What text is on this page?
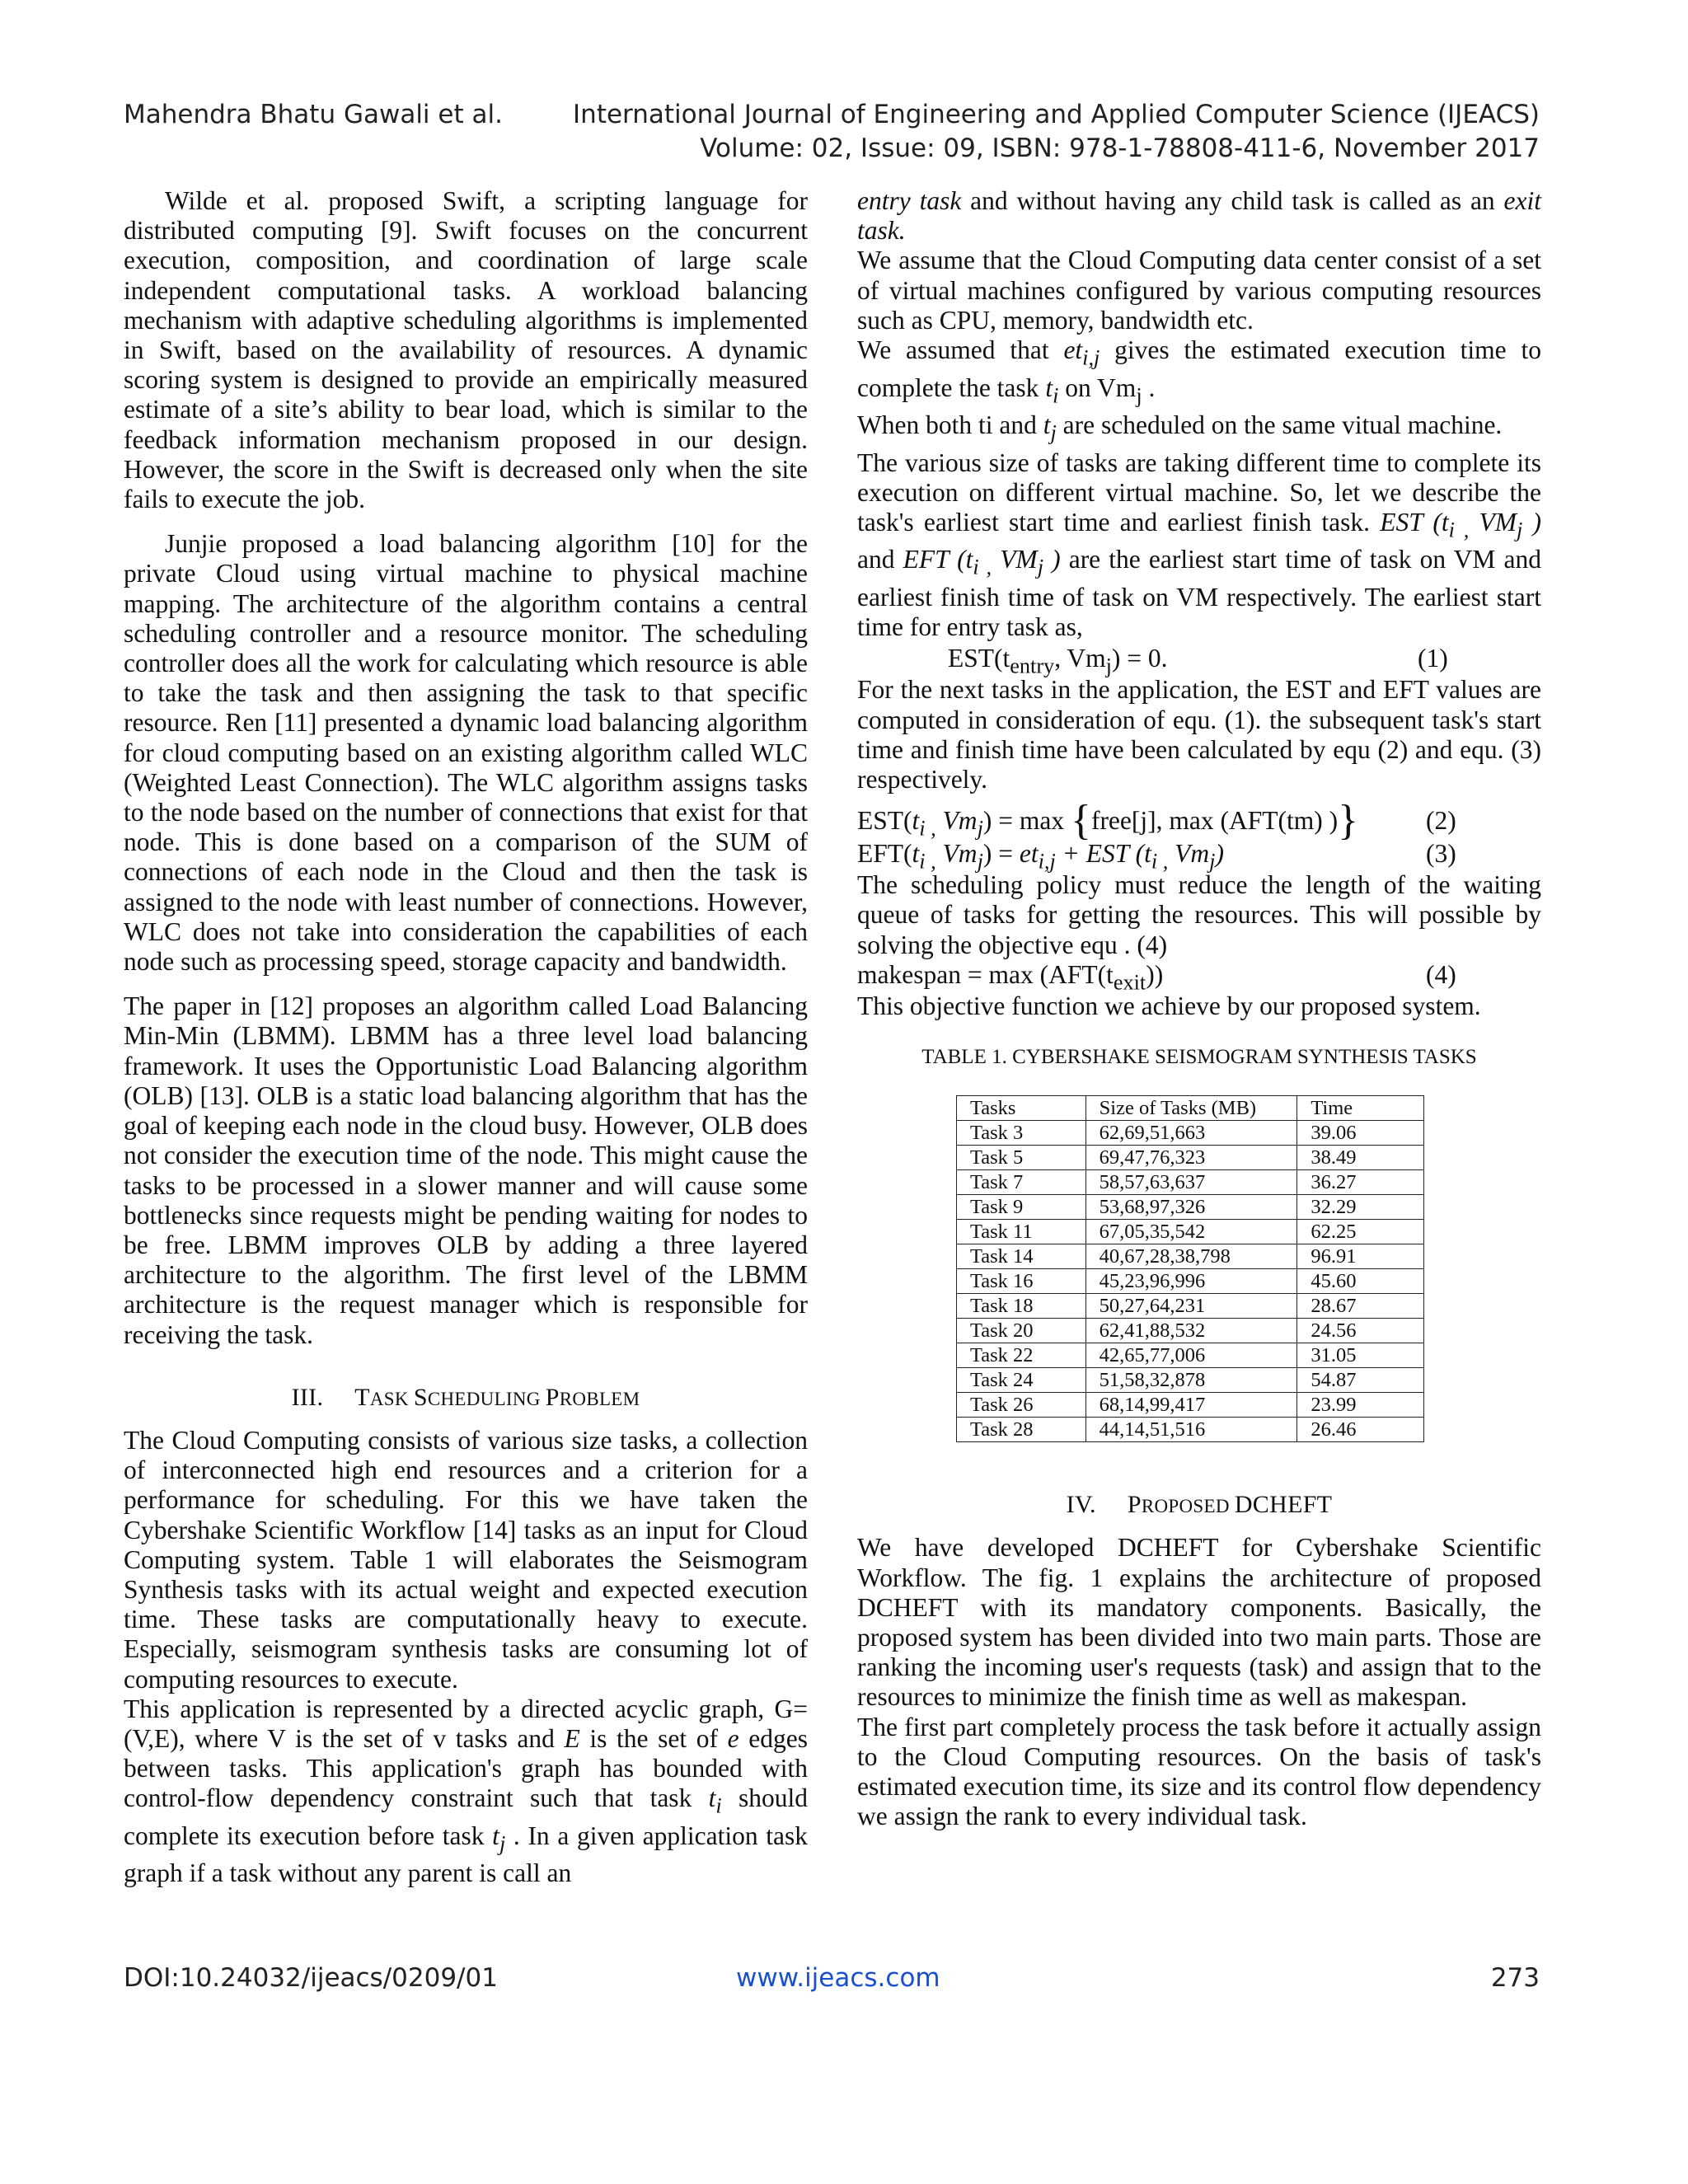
Mahendra Bhatu Gawali et al.	International Journal of Engineering and Applied Computer Science (IJEACS)
Volume: 02, Issue: 09, ISBN: 978-1-78808-411-6, November 2017

Wilde et al. proposed Swift, a scripting language for distributed computing [9]. Swift focuses on the concurrent execution, composition, and coordination of large scale independent computational tasks. A workload balancing mechanism with adaptive scheduling algorithms is implemented in Swift, based on the availability of resources. A dynamic scoring system is designed to provide an empirically measured estimate of a site’s ability to bear load, which is similar to the feedback information mechanism proposed in our design. However, the score in the Swift is decreased only when the site fails to execute the job.

Junjie proposed a load balancing algorithm [10] for the private Cloud using virtual machine to physical machine mapping. The architecture of the algorithm contains a central scheduling controller and a resource monitor. The scheduling controller does all the work for calculating which resource is able to take the task and then assigning the task to that specific resource. Ren [11] presented a dynamic load balancing algorithm for cloud computing based on an existing algorithm called WLC (Weighted Least Connection). The WLC algorithm assigns tasks to the node based on the number of connections that exist for that node. This is done based on a comparison of the SUM of connections of each node in the Cloud and then the task is assigned to the node with least number of connections. However, WLC does not take into consideration the capabilities of each node such as processing speed, storage capacity and bandwidth.

The paper in [12] proposes an algorithm called Load Balancing Min-Min (LBMM). LBMM has a three level load balancing framework. It uses the Opportunistic Load Balancing algorithm (OLB) [13]. OLB is a static load balancing algorithm that has the goal of keeping each node in the cloud busy. However, OLB does not consider the execution time of the node. This might cause the tasks to be processed in a slower manner and will cause some bottlenecks since requests might be pending waiting for nodes to be free. LBMM improves OLB by adding a three layered architecture to the algorithm. The first level of the LBMM architecture is the request manager which is responsible for receiving the task.

III. TASK SCHEDULING PROBLEM

The Cloud Computing consists of various size tasks, a collection of interconnected high end resources and a criterion for a performance for scheduling. For this we have taken the Cybershake Scientific Workflow [14] tasks as an input for Cloud Computing system. Table 1 will elaborates the Seismogram Synthesis tasks with its actual weight and expected execution time. These tasks are computationally heavy to execute. Especially, seismogram synthesis tasks are consuming lot of computing resources to execute.

This application is represented by a directed acyclic graph, G=(V,E), where V is the set of v tasks and E is the set of e edges between tasks. This application's graph has bounded with control-flow dependency constraint such that task $t_i$ should complete its execution before task $t_j$ . In a given application task graph if a task without any parent is call an

entry task and without having any child task is called as an exit task.

We assume that the Cloud Computing data center consist of a set of virtual machines configured by various computing resources such as CPU, memory, bandwidth etc.

We assumed that $et_{i,j}$ gives the estimated execution time to complete the task $t_i$ on $Vm_j$ .

When both ti and $t_j$ are scheduled on the same vitual machine.

The various size of tasks are taking different time to complete its execution on different virtual machine. So, let we describe the task's earliest start time and earliest finish task. EST ($t_{i ,}$ $VM_j$ ) and EFT ($t_{i ,}$ $VM_j$ ) are the earliest start time of task on VM and earliest finish time of task on VM respectively. The earliest start time for entry task as,

$EST(t_{entry}$, $Vm_j) = 0$.	(1)

For the next tasks in the application, the EST and EFT values are computed in consideration of equ. (1). the subsequent task's start time and finish time have been calculated by equ (2) and equ. (3) respectively.

$EST(t_{i ,}$ $Vm_j) = \max$ {free[j], max (AFT(tm) )}	(2)
$EFT(t_{i ,}$ $Vm_j) = et_{i,j}$ + EST ($t_{i ,}$ $Vm_j$)	(3)

The scheduling policy must reduce the length of the waiting queue of tasks for getting the resources. This will possible by solving the objective equ . (4)

makespan = $\max (AFT(t_{exit}))$	(4)

This objective function we achieve by our proposed system.

TABLE 1. CYBERSHAKE SEISMOGRAM SYNTHESIS TASKS
Tasks	Size of Tasks (MB)	Time
Task 3	62,69,51,663	39.06
Task 5	69,47,76,323	38.49
Task 7	58,57,63,637	36.27
Task 9	53,68,97,326	32.29
Task 11	67,05,35,542	62.25
Task 14	40,67,28,38,798	96.91
Task 16	45,23,96,996	45.60
Task 18	50,27,64,231	28.67
Task 20	62,41,88,532	24.56
Task 22	42,65,77,006	31.05
Task 24	51,58,32,878	54.87
Task 26	68,14,99,417	23.99
Task 28	44,14,51,516	26.46
IV. PROPOSED DCHEFT

We have developed DCHEFT for Cybershake Scientific Workflow. The fig. 1 explains the architecture of proposed DCHEFT with its mandatory components. Basically, the proposed system has been divided into two main parts. Those are ranking the incoming user's requests (task) and assign that to the resources to minimize the finish time as well as makespan.

The first part completely process the task before it actually assign to the Cloud Computing resources. On the basis of task's estimated execution time, its size and its control flow dependency we assign the rank to every individual task.

DOI:10.24032/ijeacs/0209/01	www.ijeacs.com	273
